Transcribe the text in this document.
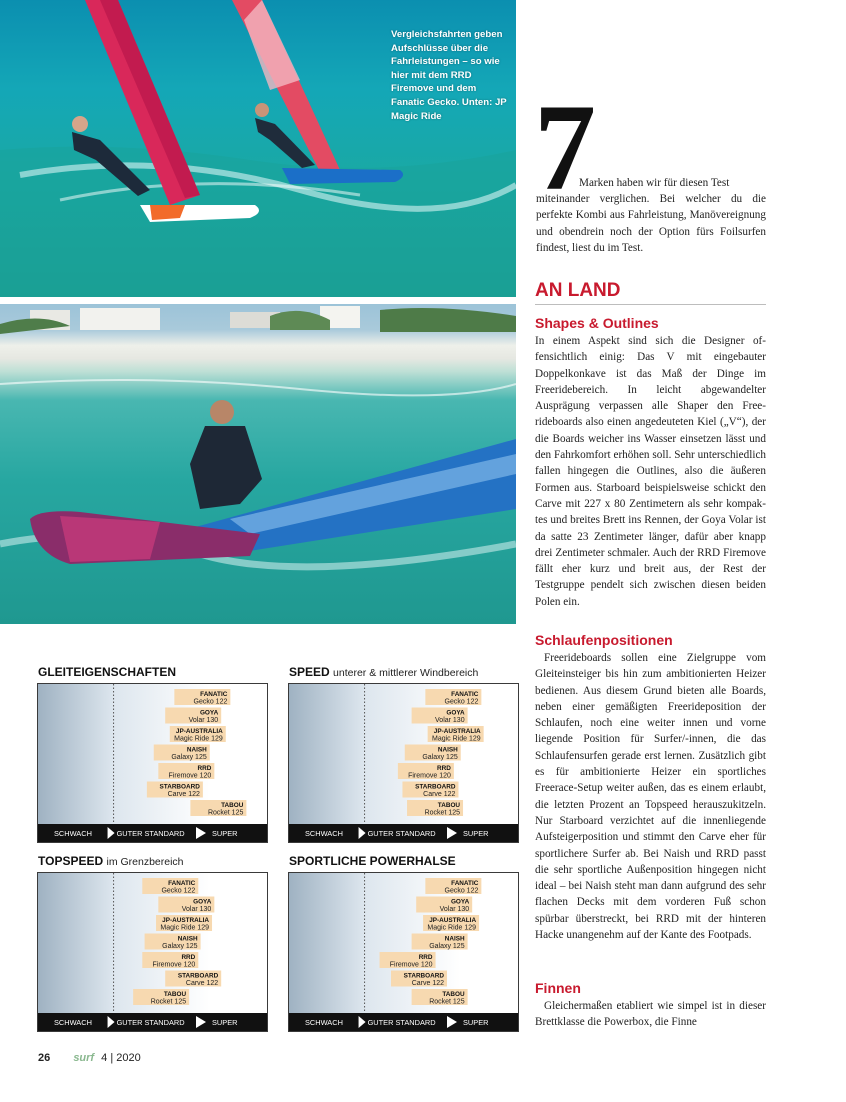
Vergleichsfahrten geben Aufschlüsse über die Fahrleistungen – so wie hier mit dem RRD Firemove und dem Fanatic Gecko. Unten: JP Magic Ride 7
Marken haben wir für diesen Test
miteinander verglichen. Bei welcher du die perfekte Kombi aus Fahrleistung, Manövereignung und obendrein noch der Option fürs Foilsurfen findest, liest du im Test.
AN LAND
Shapes & Outlines
In einem Aspekt sind sich die Designer offensichtlich einig: Das V mit eingebauter Doppelkonkave ist das Maß der Dinge im Freeridebereich. In leicht abgewandelter Ausprägung verpassen alle Shaper den Freerideboards also einen angedeuteten Kiel („V“), der die Boards weicher ins Wasser einsetzen lässt und den Fahrkomfort erhöhen soll. Sehr unterschiedlich fallen hingegen die Outlines, also die äußeren Formen aus. Starboard beispielsweise schickt den Carve mit 227 x 80 Zentimetern als sehr kompaktes und breites Brett ins Rennen, der Goya Volar ist da satte 23 Zentimeter länger, dafür aber knapp drei Zentimeter schmaler. Auch der RRD Firemove fällt eher kurz und breit aus, der Rest der Testgruppe pendelt sich zwischen diesen beiden Polen ein.
Schlaufenpositionen
Freerideboards sollen eine Zielgruppe vom Gleiteinsteiger bis hin zum ambitionierten Heizer bedienen. Aus diesem Grund bieten alle Boards, neben einer gemäßigten Freerideposition der Schlaufen, noch eine weiter innen und vorne liegende Position für Surfer/-innen, die das Schlaufensurfen gerade erst lernen. Zusätzlich gibt es für ambitionierte Heizer ein sportliches Freerace-Setup weiter außen, das es einem erlaubt, die letzten Prozent an Topspeed herauszukitzeln. Nur Starboard verzichtet auf die innenliegende Aufsteigerposition und stimmt den Carve eher für sportlichere Surfer ab. Bei Naish und RRD passt die sehr sportliche Außenposition hingegen nicht ideal – bei Naish steht man dann aufgrund des sehr flachen Decks mit dem vorderen Fuß schon spürbar überstreckt, bei RRD mit der hinteren Hacke unangenehm auf der Kante des Footpads.
Finnen
Gleichermaßen etabliert wie simpel ist in dieser Brettklasse die Powerbox, die Finne
GLEITEIGENSCHAFTEN
FANATIC
Gecko 122
GOYA
Volar 130
JP-AUSTRALIA
Magic Ride 129
NAISH
Galaxy 125
RRD
Firemove 120
STARBOARD
Carve 122
TABOU
Rocket 125
SCHWACH	GUTER STANDARD	SUPER
SPEED unterer & mittlerer Windbereich
FANATIC
Gecko 122
GOYA
Volar 130
JP-AUSTRALIA
Magic Ride 129
NAISH
Galaxy 125
RRD
Firemove 120
STARBOARD
Carve 122
TABOU
Rocket 125
SCHWACH	GUTER STANDARD	SUPER
TOPSPEED im Grenzbereich
FANATIC
Gecko 122
GOYA
Volar 130
JP-AUSTRALIA
Magic Ride 129
NAISH
Galaxy 125
RRD
Firemove 120
STARBOARD
Carve 122
TABOU
Rocket 125
SCHWACH	GUTER STANDARD	SUPER
SPORTLICHE POWERHALSE
FANATIC
Gecko 122
GOYA
Volar 130
JP-AUSTRALIA
Magic Ride 129
NAISH
Galaxy 125
RRD
Firemove 120
STARBOARD
Carve 122
TABOU
Rocket 125
SCHWACH	GUTER STANDARD	SUPER
26 surf 4 | 2020
